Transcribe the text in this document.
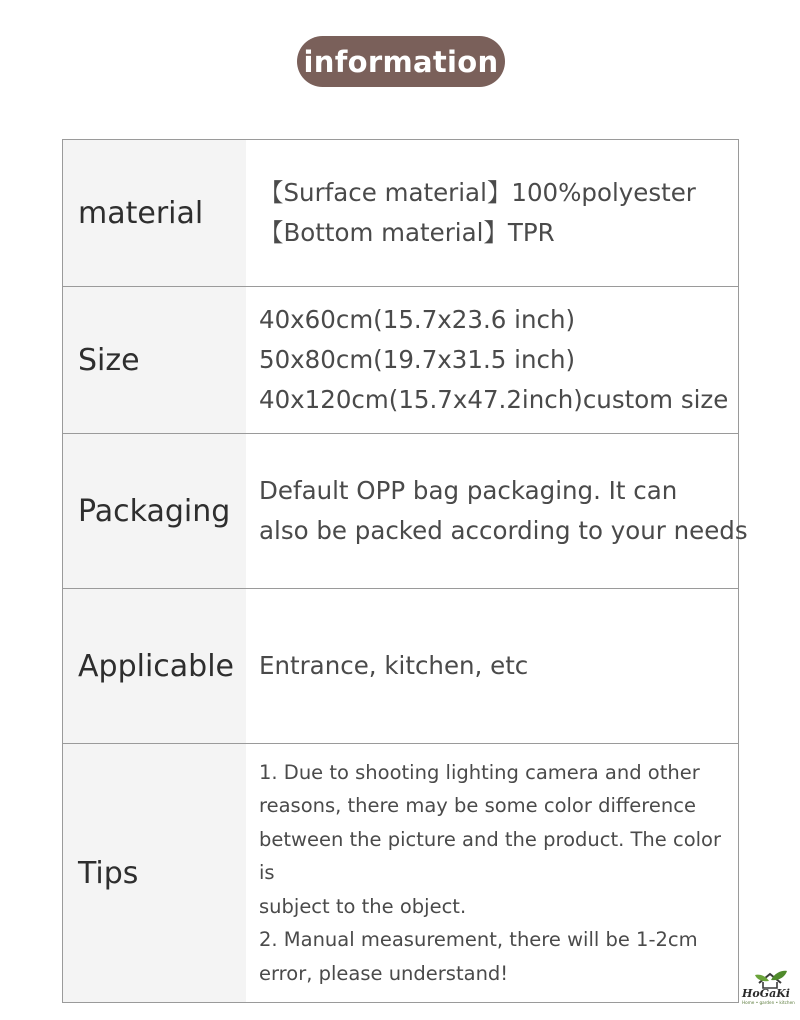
information
material
【Surface material】100%polyester
【Bottom material】TPR
Size
40x60cm(15.7x23.6 inch)
50x80cm(19.7x31.5 inch)
40x120cm(15.7x47.2inch)custom size
Packaging
Default OPP bag packaging. It can
also be packed according to your needs
Applicable	Entrance, kitchen, etc
Tips
1. Due to shooting lighting camera and other
reasons, there may be some color difference
between the picture and the product. The color is
subject to the object.
2. Manual measurement, there will be 1-2cm
error, please understand!
HoGaKi
Home • garden • kitchen
